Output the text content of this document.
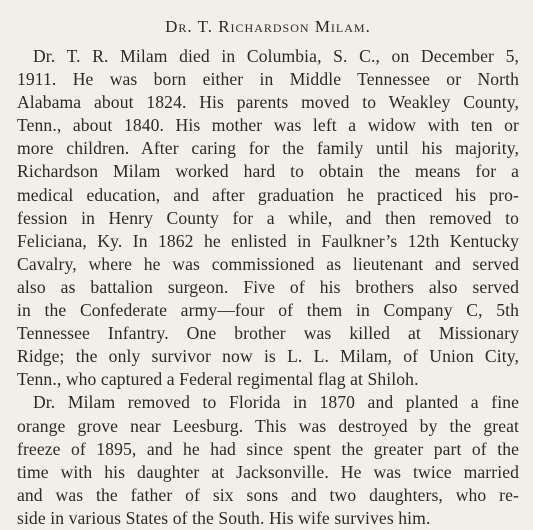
Dr. T. Richardson Milam.
Dr. T. R. Milam died in Columbia, S. C., on December 5,
1911. He was born either in Middle Tennessee or North
Alabama about 1824. His parents moved to Weakley County,
Tenn., about 1840. His mother was left a widow with ten or
more children. After caring for the family until his majority,
Richardson Milam worked hard to obtain the means for a
medical education, and after graduation he practiced his pro-
fession in Henry County for a while, and then removed to
Feliciana, Ky. In 1862 he enlisted in Faulkner’s 12th Kentucky
Cavalry, where he was commissioned as lieutenant and served
also as battalion surgeon. Five of his brothers also served
in the Confederate army—four of them in Company C, 5th
Tennessee Infantry. One brother was killed at Missionary
Ridge; the only survivor now is L. L. Milam, of Union City,
Tenn., who captured a Federal regimental flag at Shiloh.
Dr. Milam removed to Florida in 1870 and planted a fine
orange grove near Leesburg. This was destroyed by the great
freeze of 1895, and he had since spent the greater part of the
time with his daughter at Jacksonville. He was twice married
and was the father of six sons and two daughters, who re-
side in various States of the South. His wife survives him.
